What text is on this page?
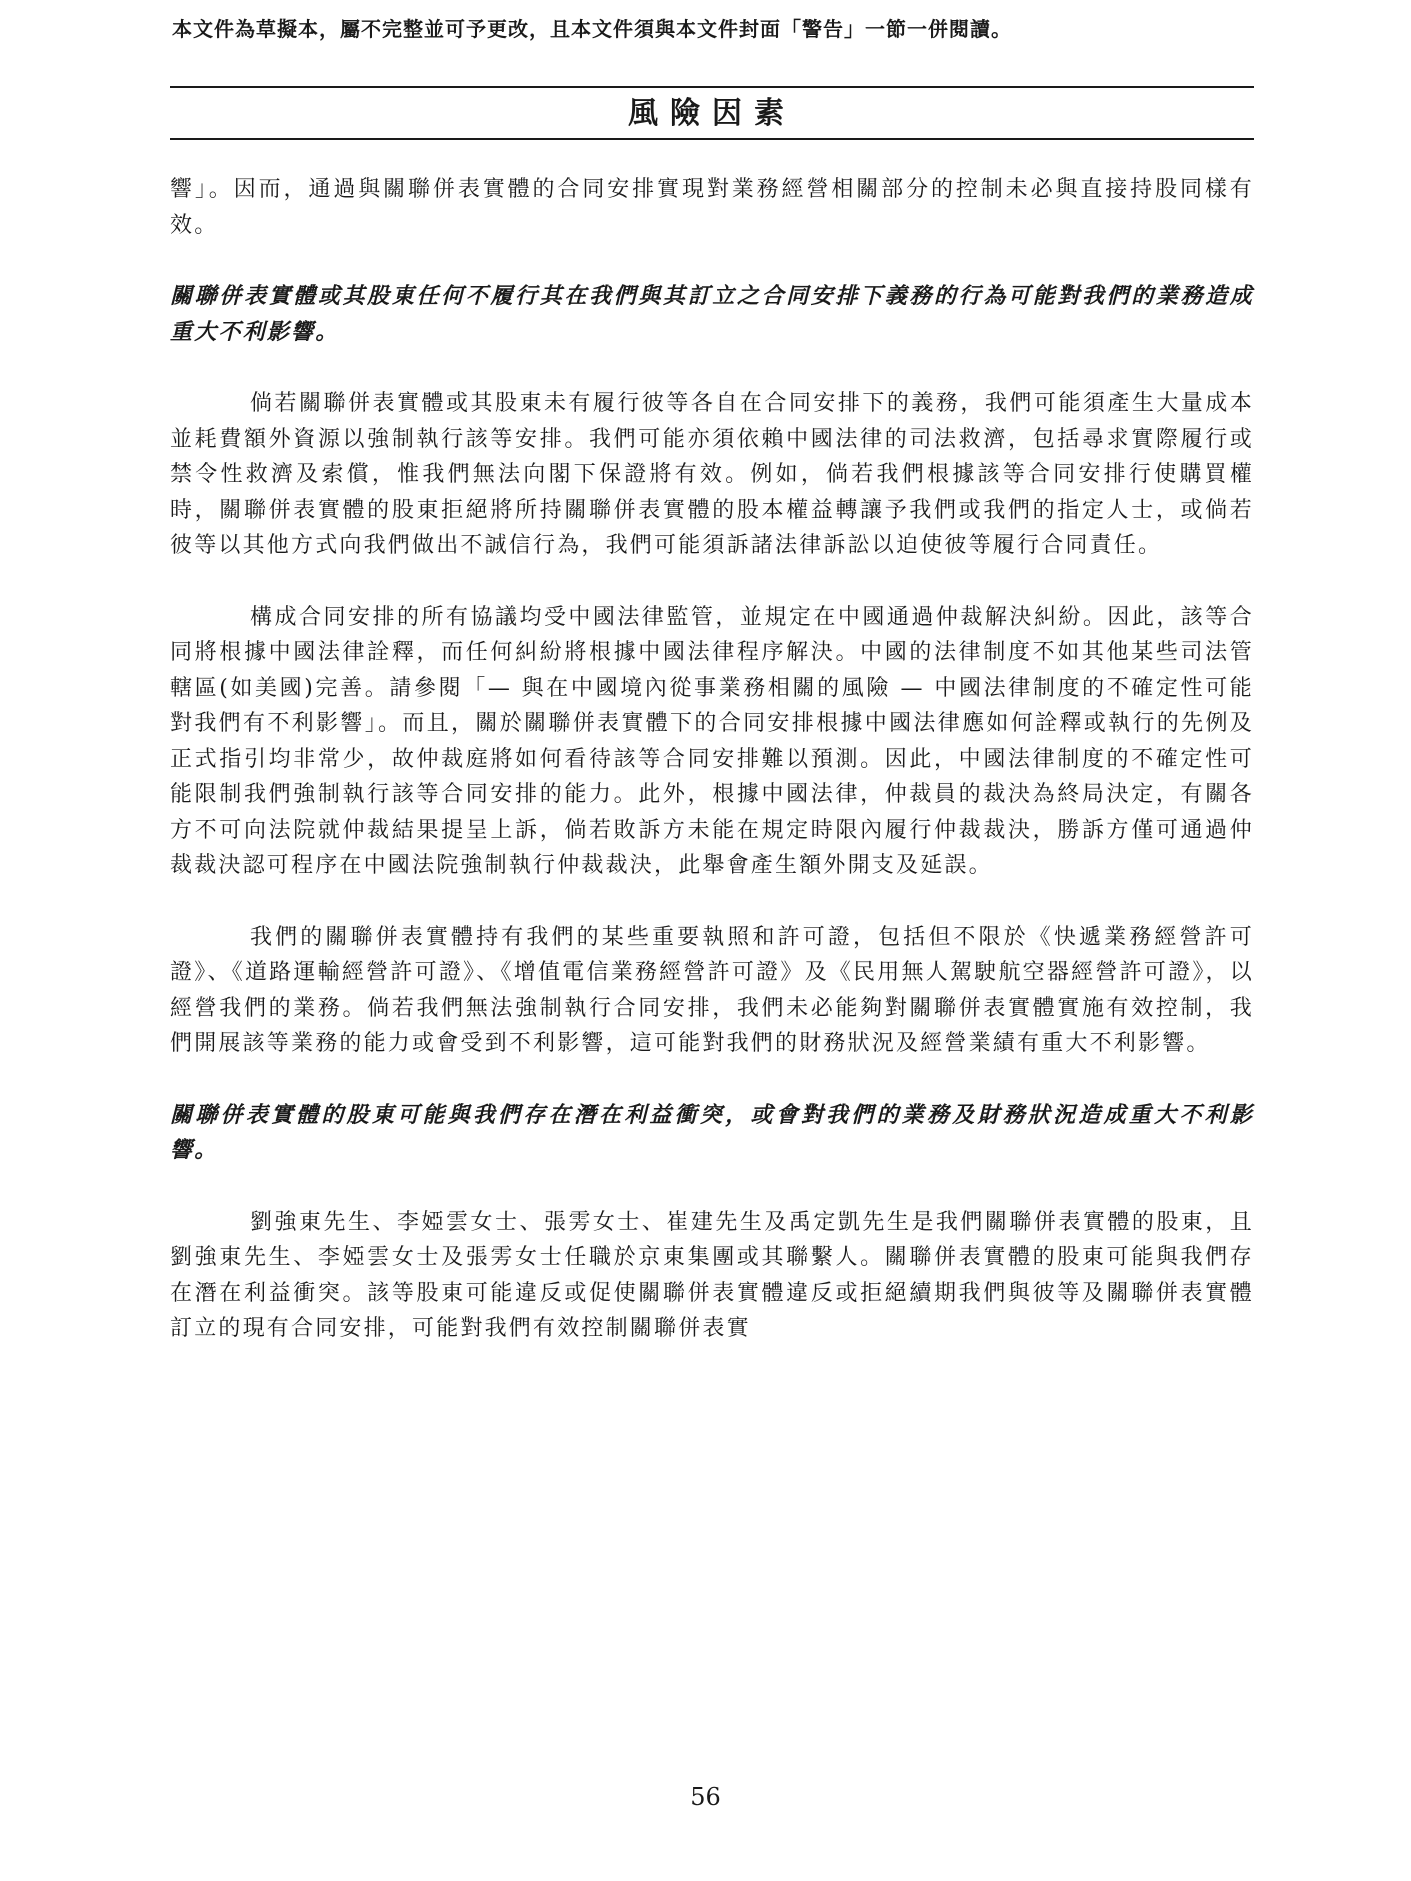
本文件為草擬本，屬不完整並可予更改，且本文件須與本文件封面「警告」一節一併閱讀。
風險因素

響」。因而，通過與關聯併表實體的合同安排實現對業務經營相關部分的控制未必與直接持股同樣有效。

關聯併表實體或其股東任何不履行其在我們與其訂立之合同安排下義務的行為可能對我們的業務造成重大不利影響。

倘若關聯併表實體或其股東未有履行彼等各自在合同安排下的義務，我們可能須產生大量成本並耗費額外資源以強制執行該等安排。我們可能亦須依賴中國法律的司法救濟，包括尋求實際履行或禁令性救濟及索償，惟我們無法向閣下保證將有效。例如，倘若我們根據該等合同安排行使購買權時，關聯併表實體的股東拒絕將所持關聯併表實體的股本權益轉讓予我們或我們的指定人士，或倘若彼等以其他方式向我們做出不誠信行為，我們可能須訴諸法律訴訟以迫使彼等履行合同責任。

構成合同安排的所有協議均受中國法律監管，並規定在中國通過仲裁解決糾紛。因此，該等合同將根據中國法律詮釋，而任何糾紛將根據中國法律程序解決。中國的法律制度不如其他某些司法管轄區(如美國)完善。請參閱「— 與在中國境內從事業務相關的風險 — 中國法律制度的不確定性可能對我們有不利影響」。而且，關於關聯併表實體下的合同安排根據中國法律應如何詮釋或執行的先例及正式指引均非常少，故仲裁庭將如何看待該等合同安排難以預測。因此，中國法律制度的不確定性可能限制我們強制執行該等合同安排的能力。此外，根據中國法律，仲裁員的裁決為終局決定，有關各方不可向法院就仲裁結果提呈上訴，倘若敗訴方未能在規定時限內履行仲裁裁決，勝訴方僅可通過仲裁裁決認可程序在中國法院強制執行仲裁裁決，此舉會產生額外開支及延誤。

我們的關聯併表實體持有我們的某些重要執照和許可證，包括但不限於《快遞業務經營許可證》、《道路運輸經營許可證》、《增值電信業務經營許可證》及《民用無人駕駛航空器經營許可證》，以經營我們的業務。倘若我們無法強制執行合同安排，我們未必能夠對關聯併表實體實施有效控制，我們開展該等業務的能力或會受到不利影響，這可能對我們的財務狀況及經營業績有重大不利影響。

關聯併表實體的股東可能與我們存在潛在利益衝突，或會對我們的業務及財務狀況造成重大不利影響。

劉強東先生、李婭雲女士、張雱女士、崔建先生及禹定凱先生是我們關聯併表實體的股東，且劉強東先生、李婭雲女士及張雱女士任職於京東集團或其聯繫人。關聯併表實體的股東可能與我們存在潛在利益衝突。該等股東可能違反或促使關聯併表實體違反或拒絕續期我們與彼等及關聯併表實體訂立的現有合同安排，可能對我們有效控制關聯併表實

56
